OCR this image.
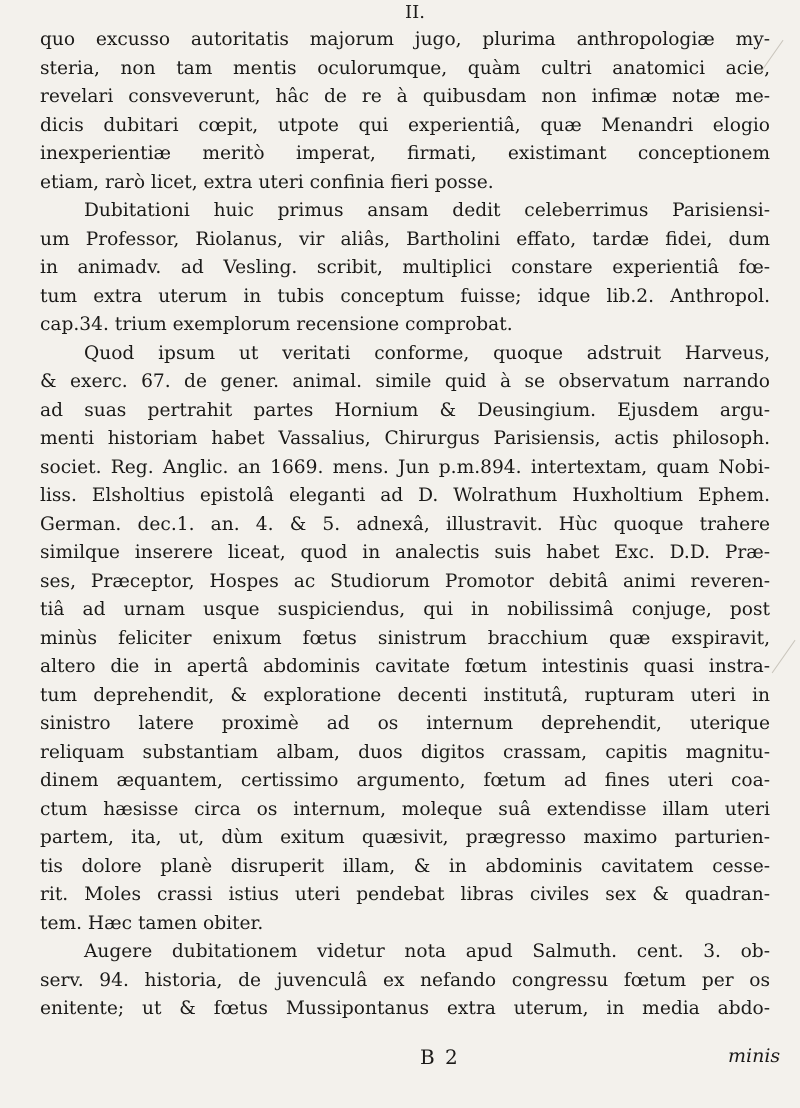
II.
quo excusso autoritatis majorum jugo, plurima anthropologiæ my-
steria, non tam mentis oculorumque, quàm cultri anatomici acie,
revelari consveverunt, hâc de re à quibusdam non infimæ notæ me-
dicis dubitari cœpit, utpote qui experientiâ, quæ Menandri elogio
inexperientiæ meritò imperat, firmati, existimant conceptionem
etiam, rarò licet, extra uteri confinia fieri posse.
Dubitationi huic primus ansam dedit celeberrimus Parisiensi-
um Professor, Riolanus, vir aliâs, Bartholini effato, tardæ fidei, dum
in animadv. ad Vesling. scribit, multiplici constare experientiâ fœ-
tum extra uterum in tubis conceptum fuisse; idque lib.2. Anthropol.
cap.34. trium exemplorum recensione comprobat.
Quod ipsum ut veritati conforme, quoque adstruit Harveus,
& exerc. 67. de gener. animal. simile quid à se observatum narrando
ad suas pertrahit partes Hornium & Deusingium. Ejusdem argu-
menti historiam habet Vassalius, Chirurgus Parisiensis, actis philosoph.
societ. Reg. Anglic. an 1669. mens. Jun p.m.894. intertextam, quam Nobi-
liss. Elsholtius epistolâ eleganti ad D. Wolrathum Huxholtium Ephem.
German. dec.1. an. 4. & 5. adnexâ, illustravit. Hùc quoque trahere
similque inserere liceat, quod in analectis suis habet Exc. D.D. Præ-
ses, Præceptor, Hospes ac Studiorum Promotor debitâ animi reveren-
tiâ ad urnam usque suspiciendus, qui in nobilissimâ conjuge, post
minùs feliciter enixum fœtus sinistrum bracchium quæ exspiravit,
altero die in apertâ abdominis cavitate fœtum intestinis quasi instra-
tum deprehendit, & exploratione decenti institutâ, rupturam uteri in
sinistro latere proximè ad os internum deprehendit, uterique
reliquam substantiam albam, duos digitos crassam, capitis magnitu-
dinem æquantem, certissimo argumento, fœtum ad fines uteri coa-
ctum hæsisse circa os internum, moleque suâ extendisse illam uteri
partem, ita, ut, dùm exitum quæsivit, prægresso maximo parturien-
tis dolore planè disruperit illam, & in abdominis cavitatem cesse-
rit. Moles crassi istius uteri pendebat libras civiles sex & quadran-
tem. Hæc tamen obiter.
Augere dubitationem videtur nota apud Salmuth. cent. 3. ob-
serv. 94. historia, de juvenculâ ex nefando congressu fœtum per os
enitente; ut & fœtus Mussipontanus extra uterum, in media abdo-
B 2	minis
